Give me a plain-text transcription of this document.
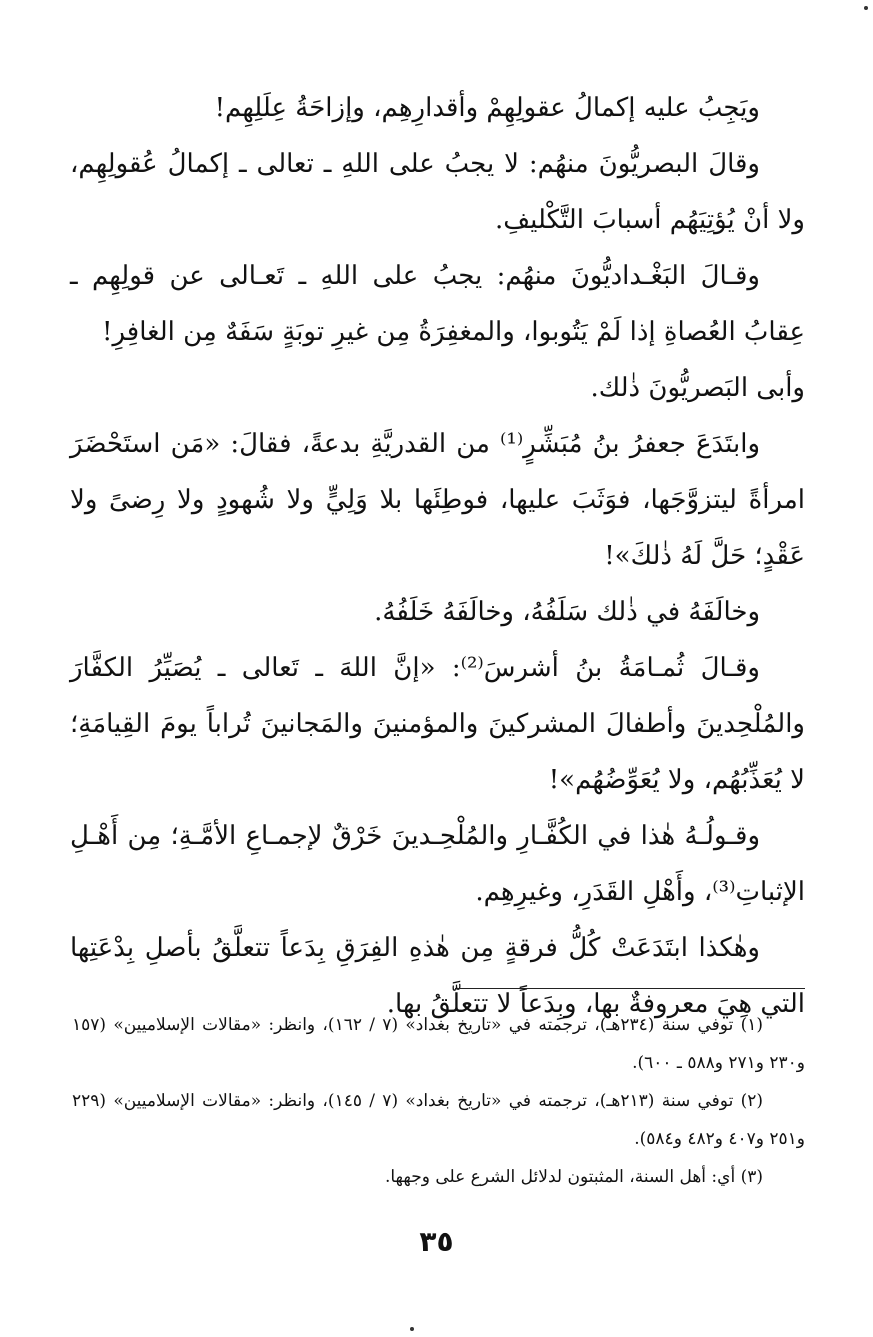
ويَجِبُ عليه إكمالُ عقولِهِمْ وأقدارِهِم، وإزاحَةُ عِلَلِهِم!

وقالَ البصريُّونَ منهُم: لا يجبُ على اللهِ ـ تعالى ـ إكمالُ عُقولِهِم، ولا أنْ يُؤتِيَهُم أسبابَ التَّكْليفِ.

وقـالَ البَغْـداديُّونَ منهُم: يجبُ على اللهِ ـ تَعـالى عن قولِهِم ـ عِقابُ العُصاةِ إذا لَمْ يَتُوبوا، والمغفِرَةُ مِن غيرِ توبَةٍ سَفَهٌ مِن الغافِرِ!

وأبى البَصريُّونَ ذٰلك.

وابتَدَعَ جعفرُ بنُ مُبَشِّرٍ⁽¹⁾ من القدريَّةِ بدعةً، فقالَ: «مَن استَحْضَرَ امرأةً ليتزوَّجَها، فوَثَبَ عليها، فوطِئَها بلا وَلِيٍّ ولا شُهودٍ ولا رِضىً ولا عَقْدٍ؛ حَلَّ لَهُ ذٰلكَ»!

وخالَفَهُ في ذٰلك سَلَفُهُ، وخالَفَهُ خَلَفُهُ.

وقـالَ ثُمـامَةُ بنُ أشرسَ⁽²⁾: «إنَّ اللهَ ـ تَعالى ـ يُصَيِّرُ الكفَّارَ والمُلْحِدينَ وأطفالَ المشركينَ والمؤمنينَ والمَجانينَ تُراباً يومَ القِيامَةِ؛ لا يُعَذِّبُهُم، ولا يُعَوِّضُهُم»!

وقـولُـهُ هٰذا في الكُفَّـارِ والمُلْحِـدينَ خَرْقٌ لإجمـاعِ الأمَّـةِ؛ مِن أَهْـلِ الإثباتِ⁽³⁾، وأَهْلِ القَدَرِ، وغيرِهِم.

وهٰكذا ابتَدَعَتْ كُلُّ فرقةٍ مِن هٰذهِ الفِرَقِ بِدَعاً تتعلَّقُ بأصلِ بِدْعَتِها التي هِيَ معروفةٌ بها، وبِدَعاً لا تتعلَّقُ بها.

(١) توفي سنة (٢٣٤هـ)، ترجمته في «تاريخ بغداد» (٧ / ١٦٢)، وانظر: «مقالات الإسلاميين» (١٥٧ و٢٣٠ و٢٧١ و٥٨٨ ـ ٦٠٠).

(٢) توفي سنة (٢١٣هـ)، ترجمته في «تاريخ بغداد» (٧ / ١٤٥)، وانظر: «مقالات الإسلاميين» (٢٢٩ و٢٥١ و٤٠٧ و٤٨٢ و٥٨٤).

(٣) أي: أهل السنة، المثبتون لدلائل الشرع على وجهها.

٣٥
